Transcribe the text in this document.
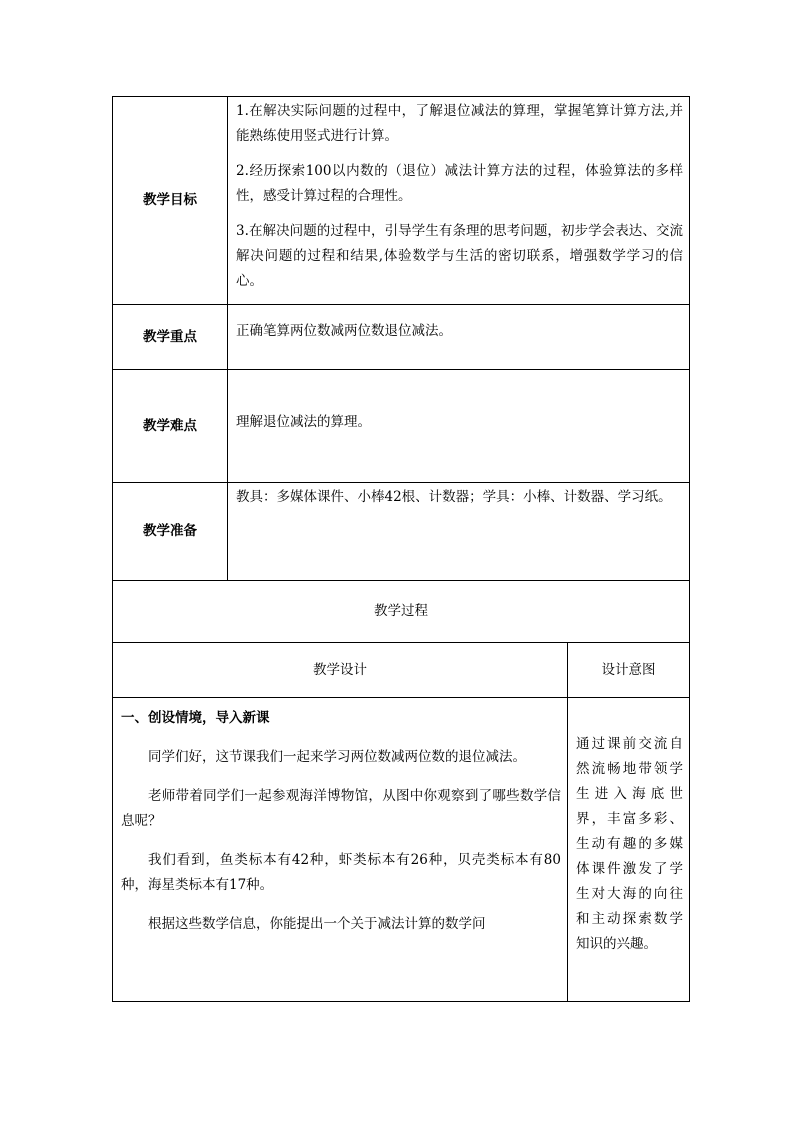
教学目标	1.在解决实际问题的过程中，了解退位减法的算理，掌握笔算计算方法,并能熟练使用竖式进行计算。

2.经历探索100以内数的（退位）减法计算方法的过程，体验算法的多样性，感受计算过程的合理性。

3.在解决问题的过程中，引导学生有条理的思考问题，初步学会表达、交流解决问题的过程和结果,体验数学与生活的密切联系，增强数学学习的信心。	

教学重点	正确笔算两位数减两位数退位减法。	

教学难点	理解退位减法的算理。	

教学准备	教具：多媒体课件、小棒42根、计数器；学具：小棒、计数器、学习纸。	

教学过程		
教学设计		设计意图

一、创设情境，导入新课

同学们好，这节课我们一起来学习两位数减两位数的退位减法。

老师带着同学们一起参观海洋博物馆，从图中你观察到了哪些数学信息呢？

我们看到，鱼类标本有42种，虾类标本有26种，贝壳类标本有80种，海星类标本有17种。

根据这些数学信息，你能提出一个关于减法计算的数学问		通过课前交流自然流畅地带领学生进入海底世界，丰富多彩、生动有趣的多媒体课件激发了学生对大海的向往和主动探索数学知识的兴趣。
